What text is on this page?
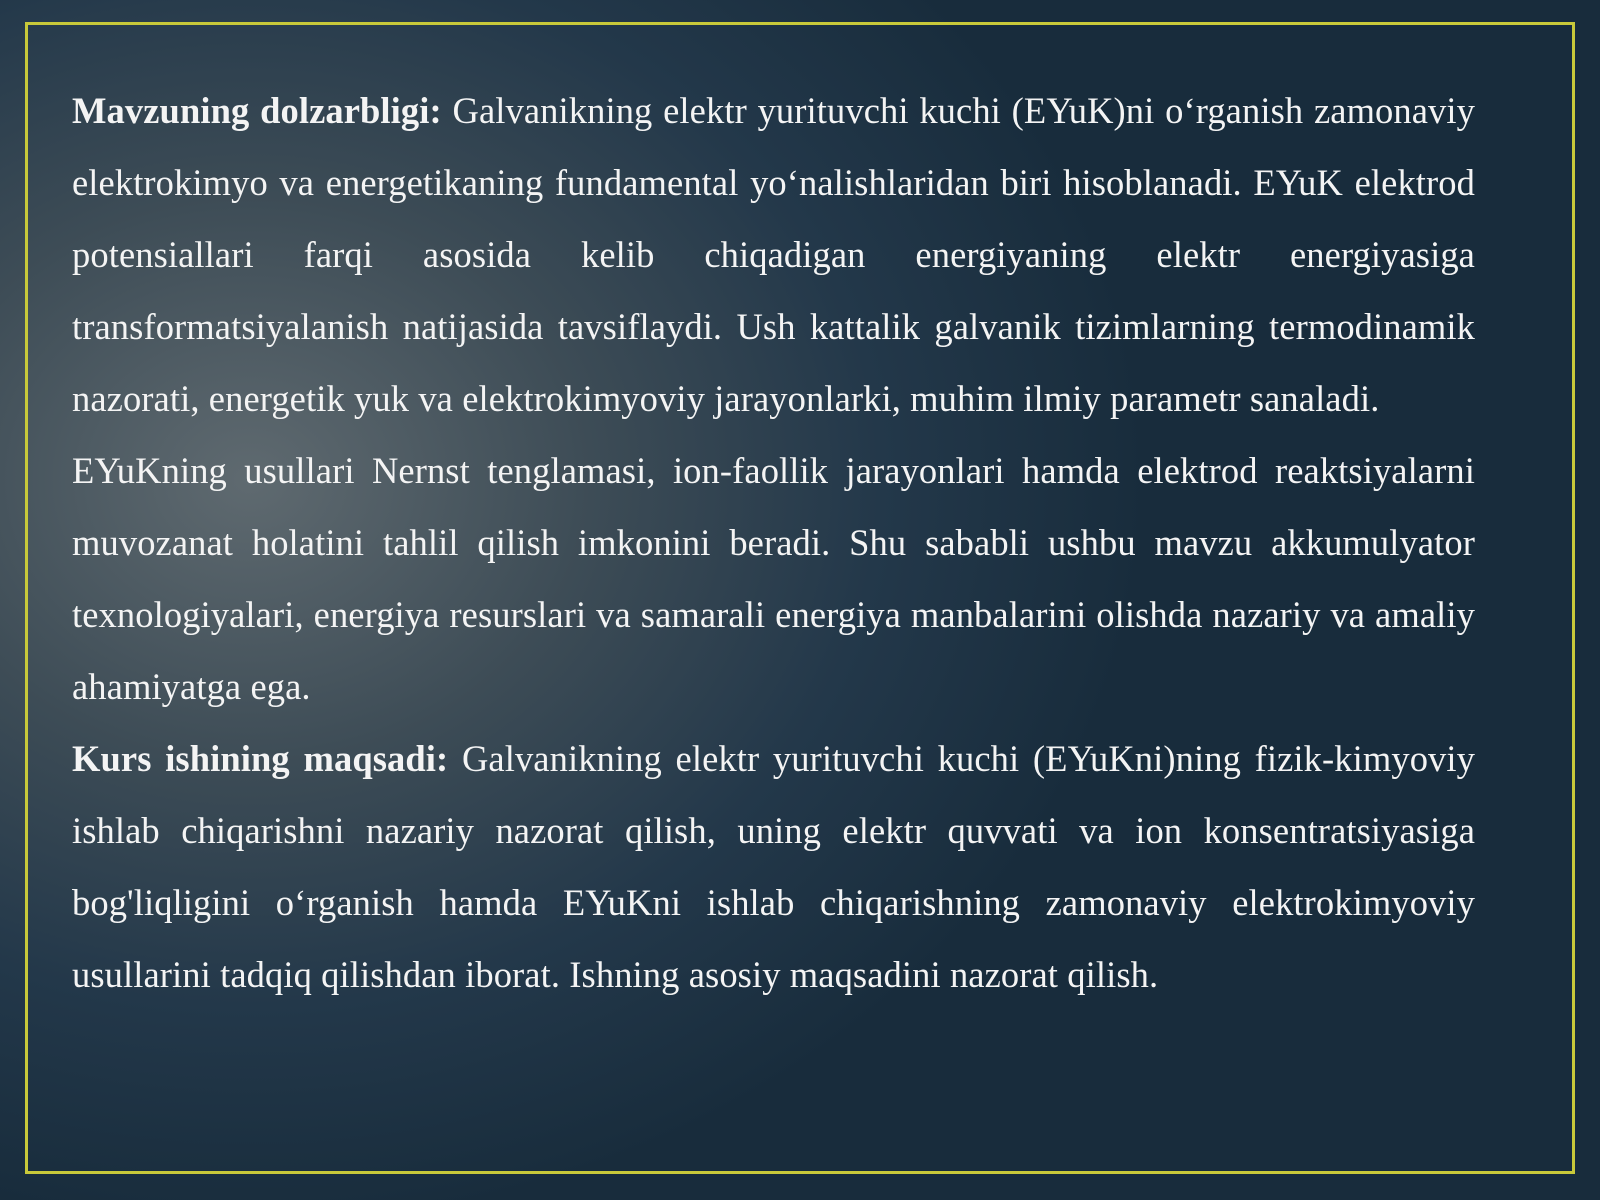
Mavzuning dolzarbligi: Galvanikning elektr yurituvchi kuchi (EYuK)ni o‘rganish zamonaviy elektrokimyo va energetikaning fundamental yo‘nalishlaridan biri hisoblanadi. EYuK elektrod potensiallari farqi asosida kelib chiqadigan energiyaning elektr energiyasiga transformatsiyalanish natijasida tavsiflaydi. Ush kattalik galvanik tizimlarning termodinamik nazorati, energetik yuk va elektrokimyoviy jarayonlarki, muhim ilmiy parametr sanaladi.

EYuKning usullari Nernst tenglamasi, ion-faollik jarayonlari hamda elektrod reaktsiyalarni muvozanat holatini tahlil qilish imkonini beradi. Shu sababli ushbu mavzu akkumulyator texnologiyalari, energiya resurslari va samarali energiya manbalarini olishda nazariy va amaliy ahamiyatga ega.

Kurs ishining maqsadi: Galvanikning elektr yurituvchi kuchi (EYuKni)ning fizik-kimyoviy ishlab chiqarishni nazariy nazorat qilish, uning elektr quvvati va ion konsentratsiyasiga bog'liqligini o‘rganish hamda EYuKni ishlab chiqarishning zamonaviy elektrokimyoviy usullarini tadqiq qilishdan iborat. Ishning asosiy maqsadini nazorat qilish.
